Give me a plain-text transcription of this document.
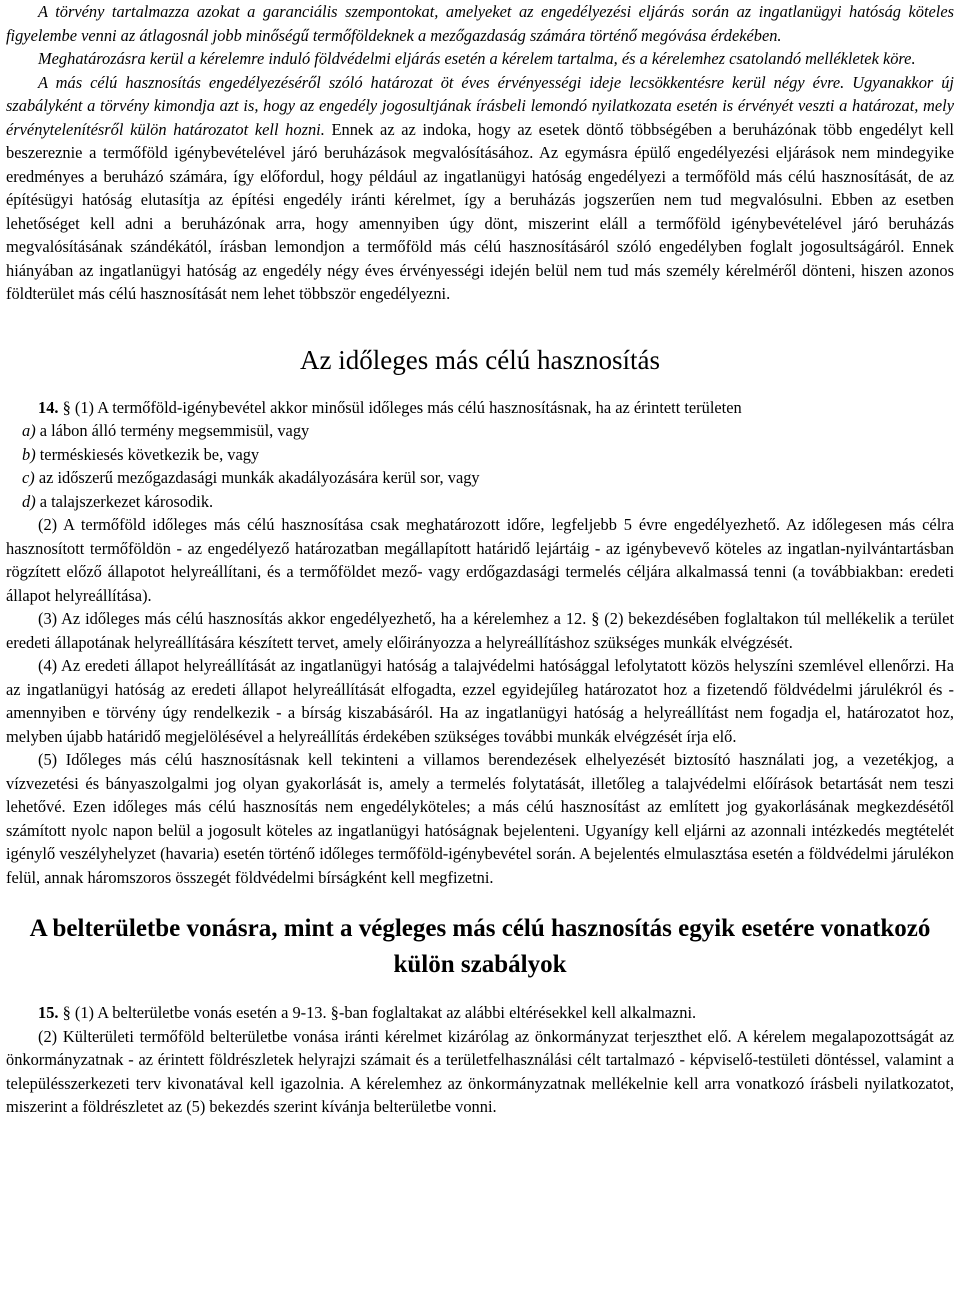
A törvény tartalmazza azokat a garanciális szempontokat, amelyeket az engedélyezési eljárás során az ingatlanügyi hatóság köteles figyelembe venni az átlagosnál jobb minőségű termőföldeknek a mezőgazdaság számára történő megóvása érdekében.

Meghatározásra kerül a kérelemre induló földvédelmi eljárás esetén a kérelem tartalma, és a kérelemhez csatolandó mellékletek köre.

A más célú hasznosítás engedélyezéséről szóló határozat öt éves érvényességi ideje lecsökkentésre kerül négy évre. Ugyanakkor új szabályként a törvény kimondja azt is, hogy az engedély jogosultjának írásbeli lemondó nyilatkozata esetén is érvényét veszti a határozat, mely érvénytelenítésről külön határozatot kell hozni. Ennek az az indoka, hogy az esetek döntő többségében a beruházónak több engedélyt kell beszereznie a termőföld igénybevételével járó beruházások megvalósításához. Az egymásra épülő engedélyezési eljárások nem mindegyike eredményes a beruházó számára, így előfordul, hogy például az ingatlanügyi hatóság engedélyezi a termőföld más célú hasznosítását, de az építésügyi hatóság elutasítja az építési engedély iránti kérelmet, így a beruházás jogszerűen nem tud megvalósulni. Ebben az esetben lehetőséget kell adni a beruházónak arra, hogy amennyiben úgy dönt, miszerint eláll a termőföld igénybevételével járó beruházás megvalósításának szándékától, írásban lemondjon a termőföld más célú hasznosításáról szóló engedélyben foglalt jogosultságáról. Ennek hiányában az ingatlanügyi hatóság az engedély négy éves érvényességi idején belül nem tud más személy kérelméről dönteni, hiszen azonos földterület más célú hasznosítását nem lehet többször engedélyezni.

Az időleges más célú hasznosítás

14. § (1) A termőföld-igénybevétel akkor minősül időleges más célú hasznosításnak, ha az érintett területen

a) a lábon álló termény megsemmisül, vagy

b) terméskiesés következik be, vagy

c) az időszerű mezőgazdasági munkák akadályozására kerül sor, vagy

d) a talajszerkezet károsodik.

(2) A termőföld időleges más célú hasznosítása csak meghatározott időre, legfeljebb 5 évre engedélyezhető. Az időlegesen más célra hasznosított termőföldön - az engedélyező határozatban megállapított határidő lejártáig - az igénybevevő köteles az ingatlan-nyilvántartásban rögzített előző állapotot helyreállítani, és a termőföldet mező- vagy erdőgazdasági termelés céljára alkalmassá tenni (a továbbiakban: eredeti állapot helyreállítása).

(3) Az időleges más célú hasznosítás akkor engedélyezhető, ha a kérelemhez a 12. § (2) bekezdésében foglaltakon túl mellékelik a terület eredeti állapotának helyreállítására készített tervet, amely előirányozza a helyreállításhoz szükséges munkák elvégzését.

(4) Az eredeti állapot helyreállítását az ingatlanügyi hatóság a talajvédelmi hatósággal lefolytatott közös helyszíni szemlével ellenőrzi. Ha az ingatlanügyi hatóság az eredeti állapot helyreállítását elfogadta, ezzel egyidejűleg határozatot hoz a fizetendő földvédelmi járulékról és - amennyiben e törvény úgy rendelkezik - a bírság kiszabásáról. Ha az ingatlanügyi hatóság a helyreállítást nem fogadja el, határozatot hoz, melyben újabb határidő megjelölésével a helyreállítás érdekében szükséges további munkák elvégzését írja elő.

(5) Időleges más célú hasznosításnak kell tekinteni a villamos berendezések elhelyezését biztosító használati jog, a vezetékjog, a vízvezetési és bányaszolgalmi jog olyan gyakorlását is, amely a termelés folytatását, illetőleg a talajvédelmi előírások betartását nem teszi lehetővé. Ezen időleges más célú hasznosítás nem engedélyköteles; a más célú hasznosítást az említett jog gyakorlásának megkezdésétől számított nyolc napon belül a jogosult köteles az ingatlanügyi hatóságnak bejelenteni. Ugyanígy kell eljárni az azonnali intézkedés megtételét igénylő veszélyhelyzet (havaria) esetén történő időleges termőföld-igénybevétel során. A bejelentés elmulasztása esetén a földvédelmi járulékon felül, annak háromszoros összegét földvédelmi bírságként kell megfizetni.

A belterületbe vonásra, mint a végleges más célú hasznosítás egyik esetére vonatkozó külön szabályok

15. § (1) A belterületbe vonás esetén a 9-13. §-ban foglaltakat az alábbi eltérésekkel kell alkalmazni.

(2) Külterületi termőföld belterületbe vonása iránti kérelmet kizárólag az önkormányzat terjeszthet elő. A kérelem megalapozottságát az önkormányzatnak - az érintett földrészletek helyrajzi számait és a területfelhasználási célt tartalmazó - képviselő-testületi döntéssel, valamint a településszerkezeti terv kivonatával kell igazolnia. A kérelemhez az önkormányzatnak mellékelnie kell arra vonatkozó írásbeli nyilatkozatot, miszerint a földrészletet az (5) bekezdés szerint kívánja belterületbe vonni.
